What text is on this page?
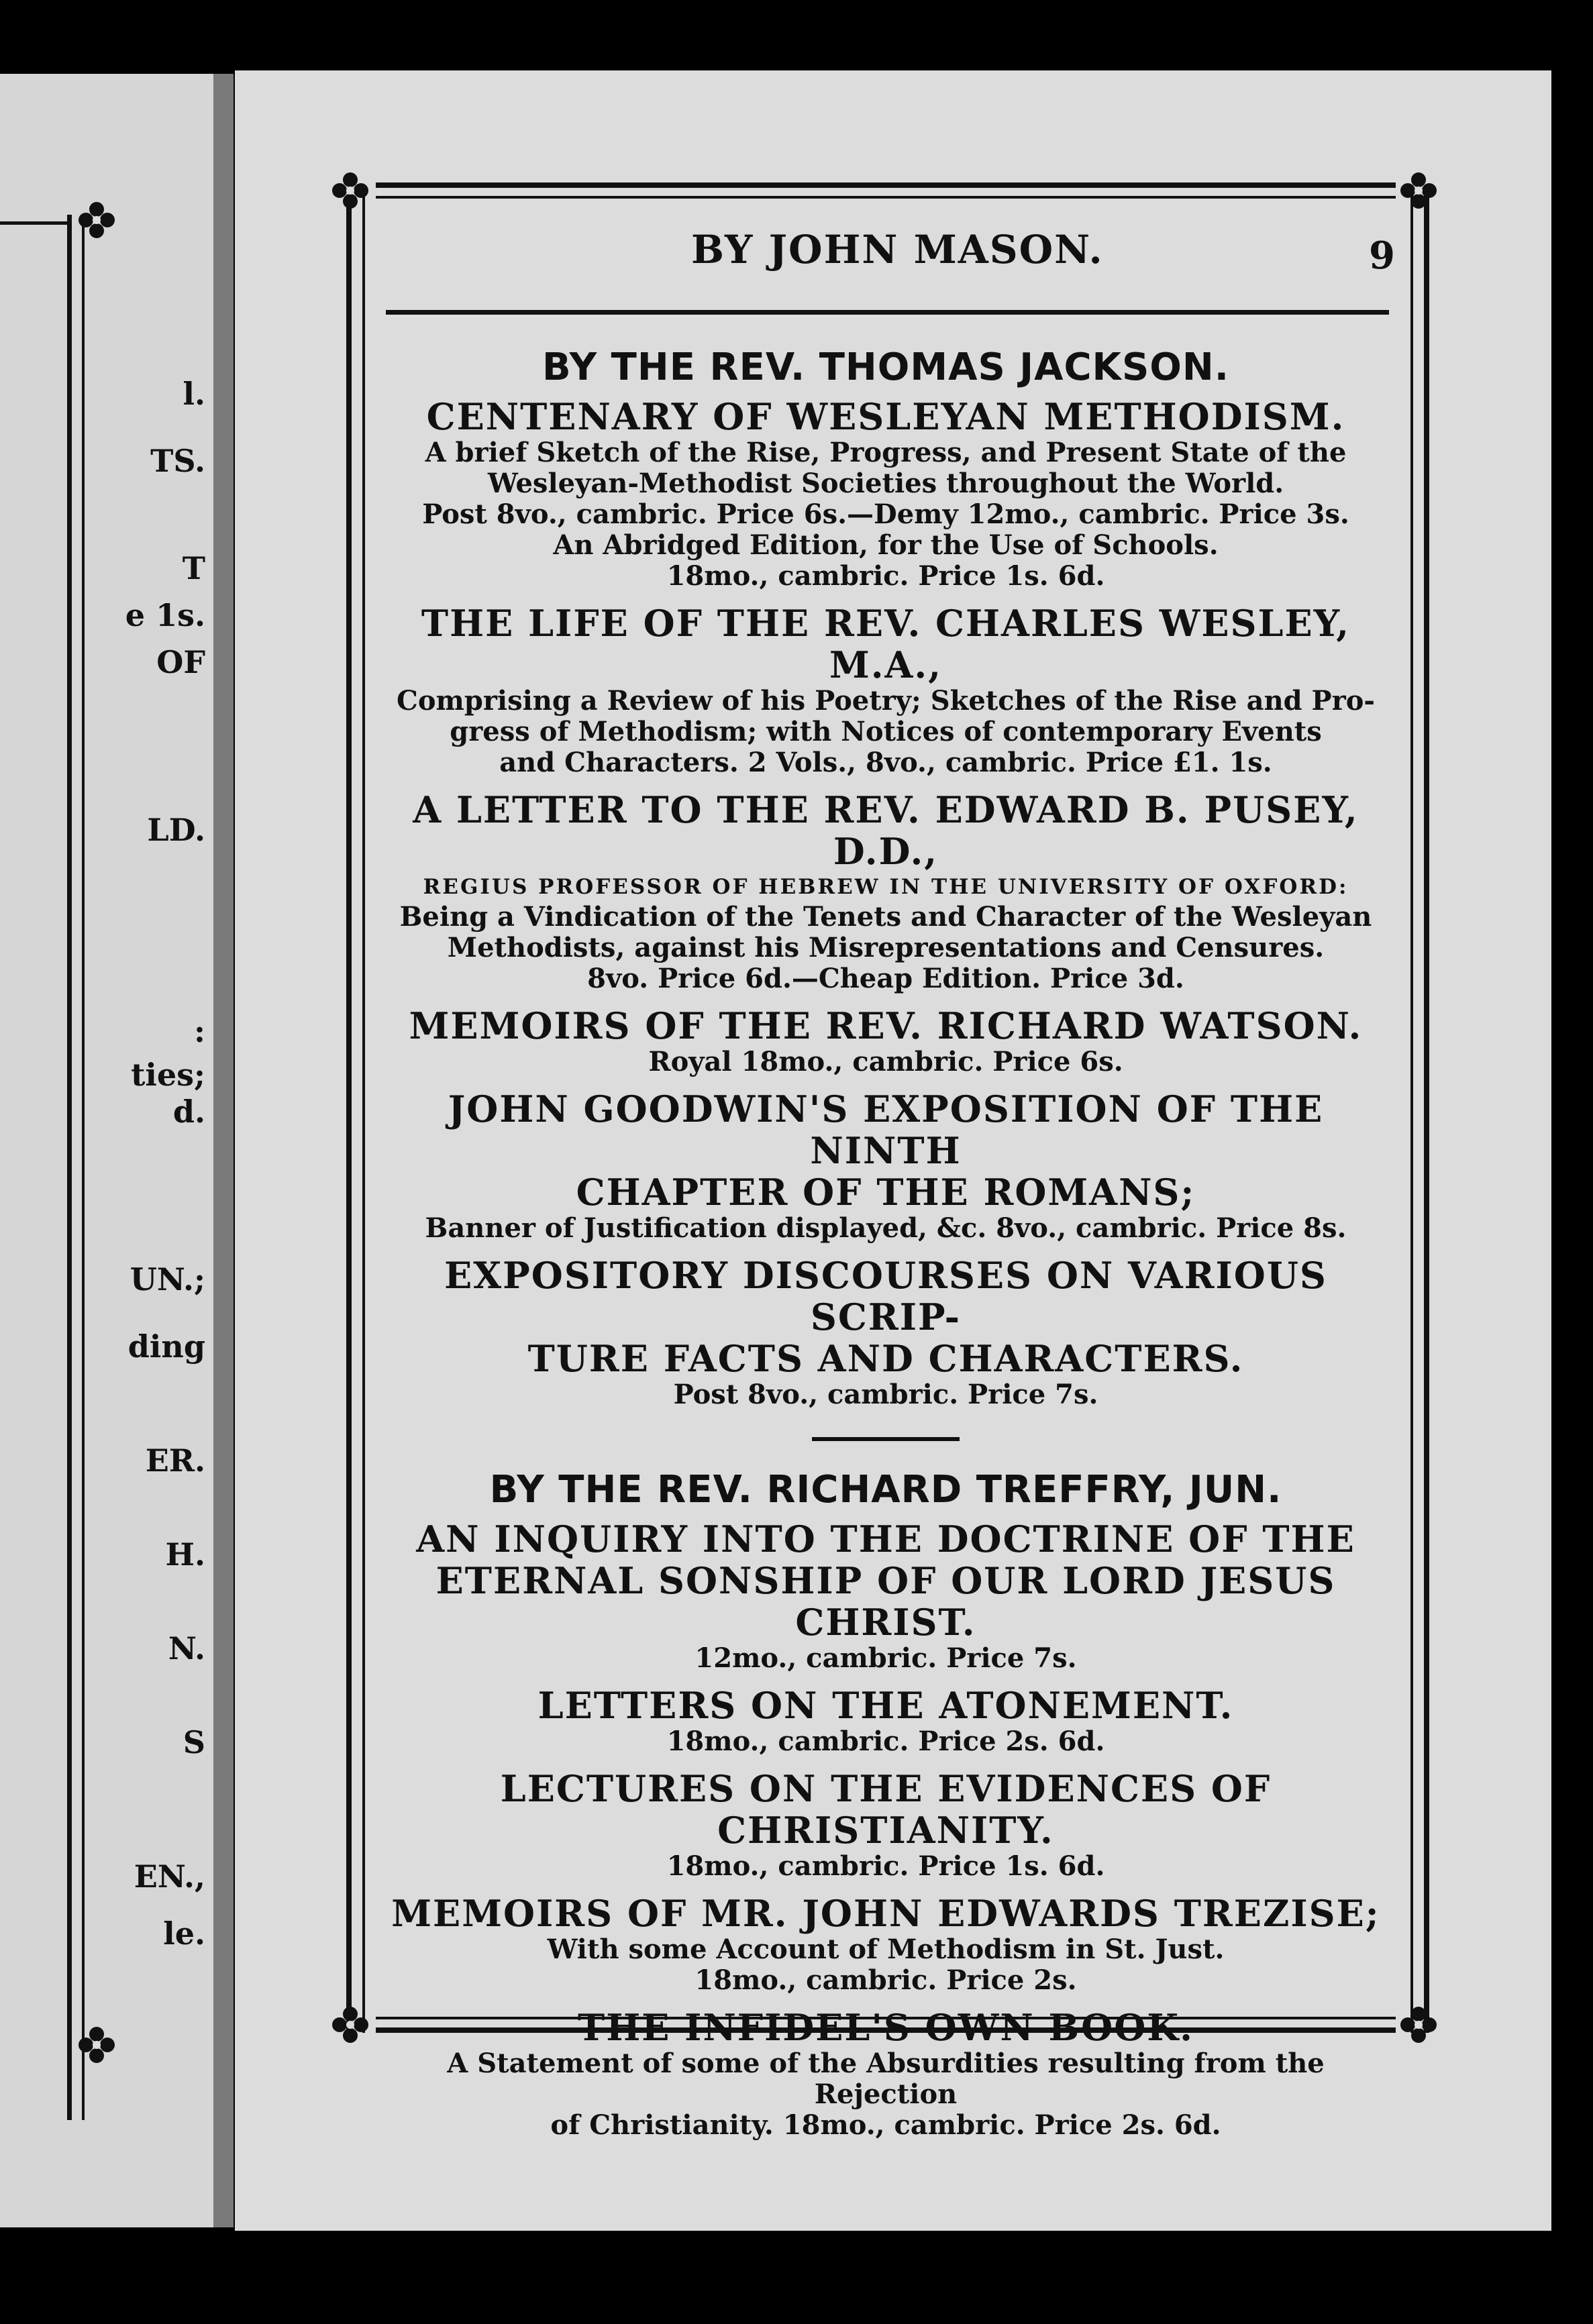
l.
TS.
T
e 1s.
OF
LD.
:
ties;
d.
UN.;
ding
ER.
H.
N.
S
EN.,
le.
BY JOHN MASON.	9
BY THE REV. THOMAS JACKSON.
CENTENARY OF WESLEYAN METHODISM.
A brief Sketch of the Rise, Progress, and Present State of the
Wesleyan-Methodist Societies throughout the World.
Post 8vo., cambric. Price 6s.—Demy 12mo., cambric. Price 3s.
An Abridged Edition, for the Use of Schools.
18mo., cambric. Price 1s. 6d.
THE LIFE OF THE REV. CHARLES WESLEY, M.A.,
Comprising a Review of his Poetry; Sketches of the Rise and Pro-
gress of Methodism; with Notices of contemporary Events
and Characters. 2 Vols., 8vo., cambric. Price £1. 1s.
A LETTER TO THE REV. EDWARD B. PUSEY, D.D.,
REGIUS PROFESSOR OF HEBREW IN THE UNIVERSITY OF OXFORD:
Being a Vindication of the Tenets and Character of the Wesleyan
Methodists, against his Misrepresentations and Censures.
8vo. Price 6d.—Cheap Edition. Price 3d.
MEMOIRS OF THE REV. RICHARD WATSON.
Royal 18mo., cambric. Price 6s.
JOHN GOODWIN'S EXPOSITION OF THE NINTH
CHAPTER OF THE ROMANS;
Banner of Justification displayed, &c. 8vo., cambric. Price 8s.
EXPOSITORY DISCOURSES ON VARIOUS SCRIP-
TURE FACTS AND CHARACTERS.
Post 8vo., cambric. Price 7s.
BY THE REV. RICHARD TREFFRY, JUN.
AN INQUIRY INTO THE DOCTRINE OF THE
ETERNAL SONSHIP OF OUR LORD JESUS CHRIST.
12mo., cambric. Price 7s.
LETTERS ON THE ATONEMENT.
18mo., cambric. Price 2s. 6d.
LECTURES ON THE EVIDENCES OF
CHRISTIANITY.
18mo., cambric. Price 1s. 6d.
MEMOIRS OF MR. JOHN EDWARDS TREZISE;
With some Account of Methodism in St. Just.
18mo., cambric. Price 2s.
THE INFIDEL'S OWN BOOK.
A Statement of some of the Absurdities resulting from the Rejection
of Christianity. 18mo., cambric. Price 2s. 6d.
